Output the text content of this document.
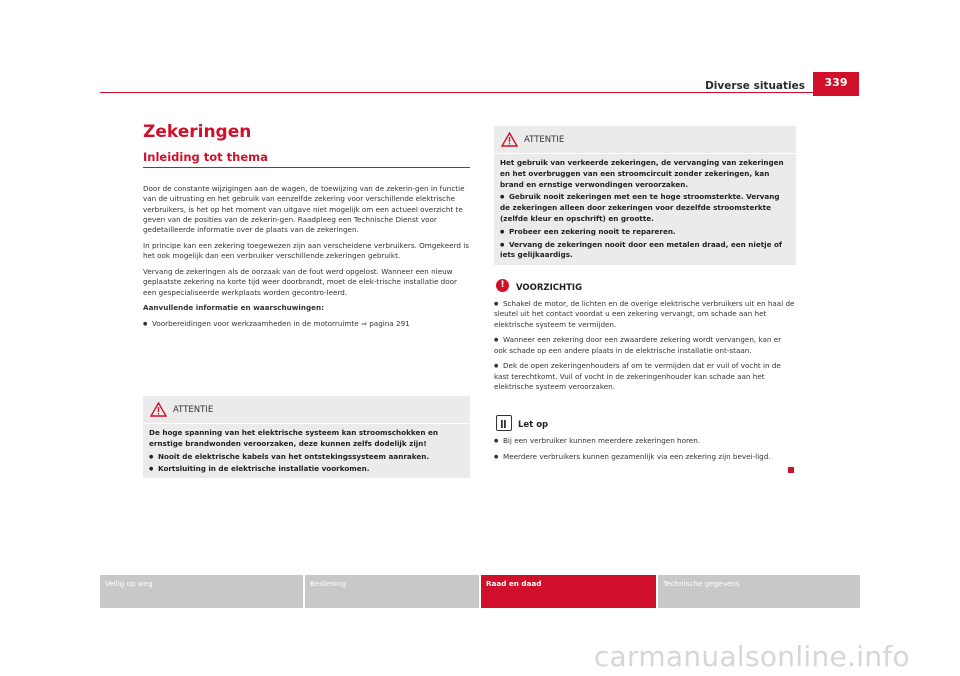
Diverse situaties	339
Zekeringen
Inleiding tot thema

Door de constante wijzigingen aan de wagen, de toewijzing van de zekerin-gen in functie van de uitrusting en het gebruik van eenzelfde zekering voor verschillende elektrische verbruikers, is het op het moment van uitgave niet mogelijk om een actueel overzicht te geven van de posities van de zekerin-gen. Raadpleeg een Technische Dienst voor gedetailleerde informatie over de plaats van de zekeringen.

In principe kan een zekering toegewezen zijn aan verscheidene verbruikers. Omgekeerd is het ook mogelijk dan een verbruiker verschillende zekeringen gebruikt.

Vervang de zekeringen als de oorzaak van de fout werd opgelost. Wanneer een nieuw geplaatste zekering na korte tijd weer doorbrandt, moet de elek-trische installatie door een gespecialiseerde werkplaats worden gecontro-leerd.

Aanvullende informatie en waarschuwingen:

● Voorbereidingen voor werkzaamheden in de motorruimte ⇒ pagina 291

ATTENTIE

De hoge spanning van het elektrische systeem kan stroomschokken en ernstige brandwonden veroorzaken, deze kunnen zelfs dodelijk zijn!

● Nooit de elektrische kabels van het ontstekingssysteem aanraken.

● Kortsluiting in de elektrische installatie voorkomen.

ATTENTIE

Het gebruik van verkeerde zekeringen, de vervanging van zekeringen en het overbruggen van een stroomcircuit zonder zekeringen, kan brand en ernstige verwondingen veroorzaken.

● Gebruik nooit zekeringen met een te hoge stroomsterkte. Vervang de zekeringen alleen door zekeringen voor dezelfde stroomsterkte (zelfde kleur en opschrift) en grootte.

● Probeer een zekering nooit te repareren.

● Vervang de zekeringen nooit door een metalen draad, een nietje of iets gelijkaardigs.

!	VOORZICHTIG

● Schakel de motor, de lichten en de overige elektrische verbruikers uit en haal de sleutel uit het contact voordat u een zekering vervangt, om schade aan het elektrische systeem te vermijden.

● Wanneer een zekering door een zwaardere zekering wordt vervangen, kan er ook schade op een andere plaats in de elektrische installatie ont-staan.

● Dek de open zekeringenhouders af om te vermijden dat er vuil of vocht in de kast terechtkomt. Vuil of vocht in de zekeringenhouder kan schade aan het elektrische systeem veroorzaken.

Let op

● Bij een verbruiker kunnen meerdere zekeringen horen.

● Meerdere verbruikers kunnen gezamenlijk via een zekering zijn bevei-ligd.

Veilig op weg	Bediening	Raad en daad	Technische gegevens
carmanualsonline.info
